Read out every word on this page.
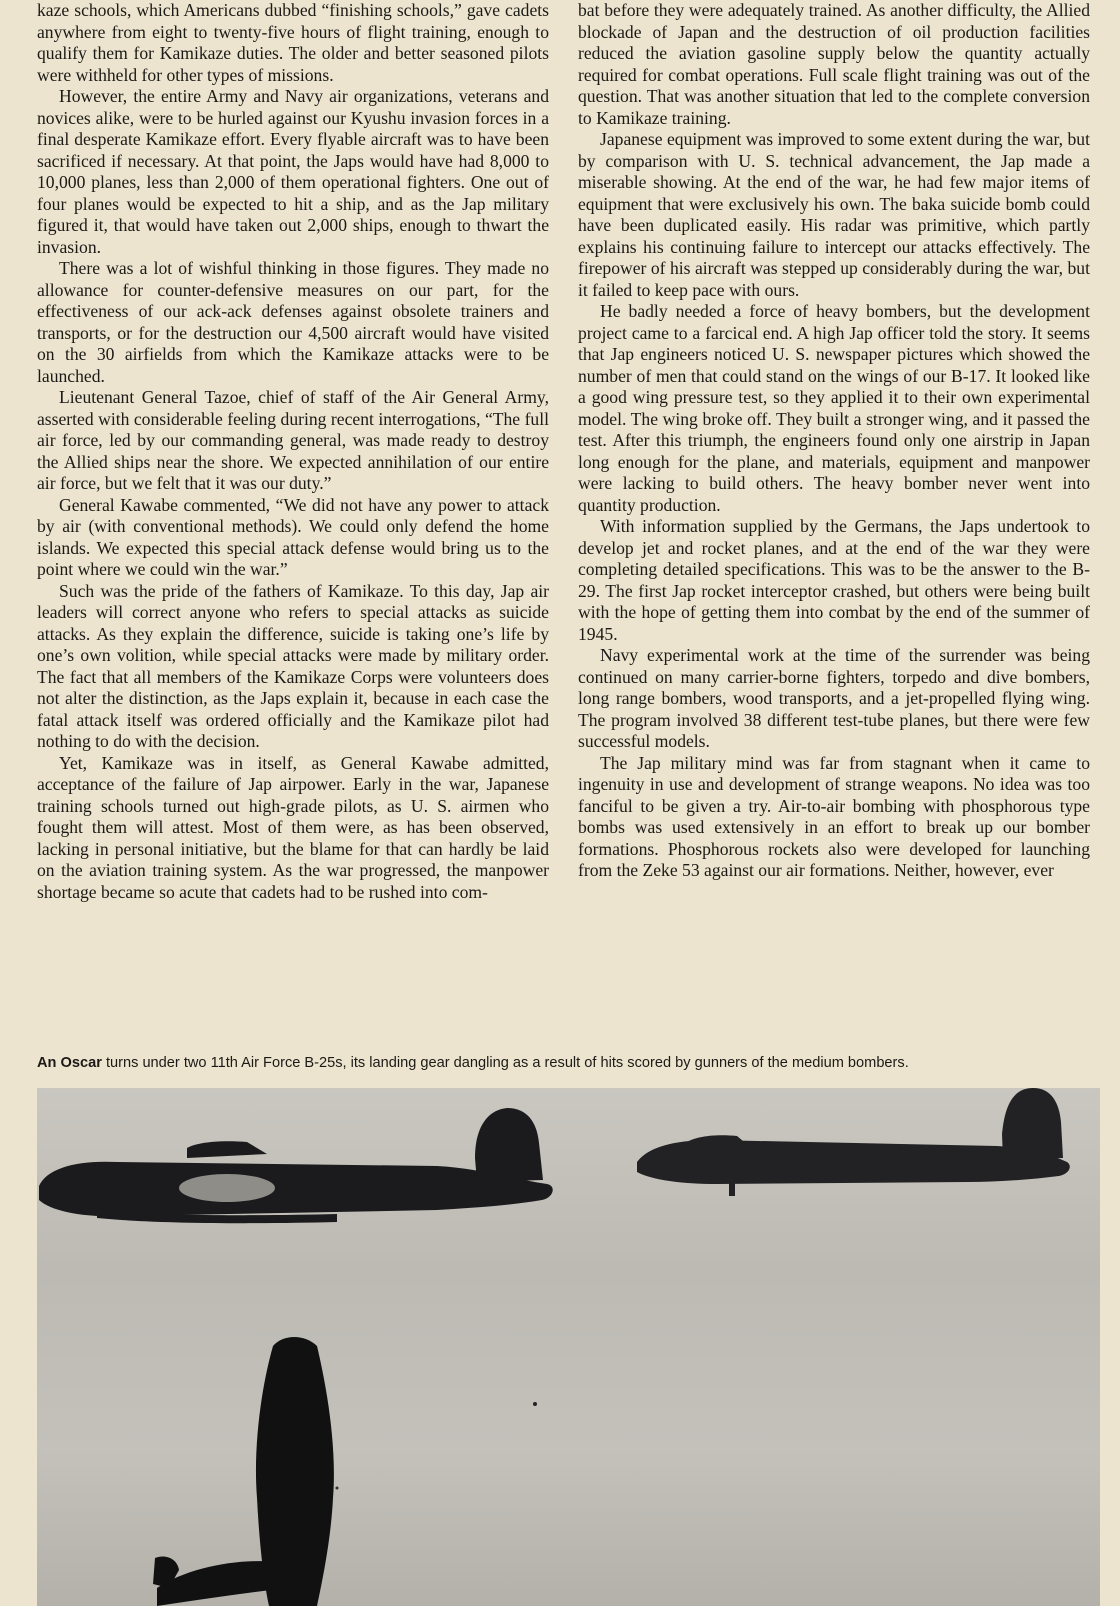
kaze schools, which Americans dubbed “finishing schools,” gave cadets anywhere from eight to twenty-five hours of flight training, enough to qualify them for Kamikaze duties. The older and better seasoned pilots were withheld for other types of missions.

However, the entire Army and Navy air organizations, veterans and novices alike, were to be hurled against our Kyushu invasion forces in a final desperate Kamikaze effort. Every flyable aircraft was to have been sacrificed if necessary. At that point, the Japs would have had 8,000 to 10,000 planes, less than 2,000 of them operational fighters. One out of four planes would be expected to hit a ship, and as the Jap military figured it, that would have taken out 2,000 ships, enough to thwart the invasion.

There was a lot of wishful thinking in those figures. They made no allowance for counter-defensive measures on our part, for the effectiveness of our ack-ack defenses against obsolete trainers and transports, or for the destruction our 4,500 aircraft would have visited on the 30 airfields from which the Kamikaze attacks were to be launched.

Lieutenant General Tazoe, chief of staff of the Air General Army, asserted with considerable feeling during recent interrogations, “The full air force, led by our commanding general, was made ready to destroy the Allied ships near the shore. We expected annihilation of our entire air force, but we felt that it was our duty.”

General Kawabe commented, “We did not have any power to attack by air (with conventional methods). We could only defend the home islands. We expected this special attack defense would bring us to the point where we could win the war.”

Such was the pride of the fathers of Kamikaze. To this day, Jap air leaders will correct anyone who refers to special attacks as suicide attacks. As they explain the difference, suicide is taking one’s life by one’s own volition, while special attacks were made by military order. The fact that all members of the Kamikaze Corps were volunteers does not alter the distinction, as the Japs explain it, because in each case the fatal attack itself was ordered officially and the Kamikaze pilot had nothing to do with the decision.

Yet, Kamikaze was in itself, as General Kawabe admitted, acceptance of the failure of Jap airpower. Early in the war, Japanese training schools turned out high-grade pilots, as U. S. airmen who fought them will attest. Most of them were, as has been observed, lacking in personal initiative, but the blame for that can hardly be laid on the aviation training system. As the war progressed, the manpower shortage became so acute that cadets had to be rushed into com-

bat before they were adequately trained. As another difficulty, the Allied blockade of Japan and the destruction of oil production facilities reduced the aviation gasoline supply below the quantity actually required for combat operations. Full scale flight training was out of the question. That was another situation that led to the complete conversion to Kamikaze training.

Japanese equipment was improved to some extent during the war, but by comparison with U. S. technical advancement, the Jap made a miserable showing. At the end of the war, he had few major items of equipment that were exclusively his own. The baka suicide bomb could have been duplicated easily. His radar was primitive, which partly explains his continuing failure to intercept our attacks effectively. The firepower of his aircraft was stepped up considerably during the war, but it failed to keep pace with ours.

He badly needed a force of heavy bombers, but the development project came to a farcical end. A high Jap officer told the story. It seems that Jap engineers noticed U. S. newspaper pictures which showed the number of men that could stand on the wings of our B-17. It looked like a good wing pressure test, so they applied it to their own experimental model. The wing broke off. They built a stronger wing, and it passed the test. After this triumph, the engineers found only one airstrip in Japan long enough for the plane, and materials, equipment and manpower were lacking to build others. The heavy bomber never went into quantity production.

With information supplied by the Germans, the Japs undertook to develop jet and rocket planes, and at the end of the war they were completing detailed specifications. This was to be the answer to the B-29. The first Jap rocket interceptor crashed, but others were being built with the hope of getting them into combat by the end of the summer of 1945.

Navy experimental work at the time of the surrender was being continued on many carrier-borne fighters, torpedo and dive bombers, long range bombers, wood transports, and a jet-propelled flying wing. The program involved 38 different test-tube planes, but there were few successful models.

The Jap military mind was far from stagnant when it came to ingenuity in use and development of strange weapons. No idea was too fanciful to be given a try. Air-to-air bombing with phosphorous type bombs was used extensively in an effort to break up our bomber formations. Phosphorous rockets also were developed for launching from the Zeke 53 against our air formations. Neither, however, ever

An Oscar turns under two 11th Air Force B-25s, its landing gear dangling as a result of hits scored by gunners of the medium bombers.
